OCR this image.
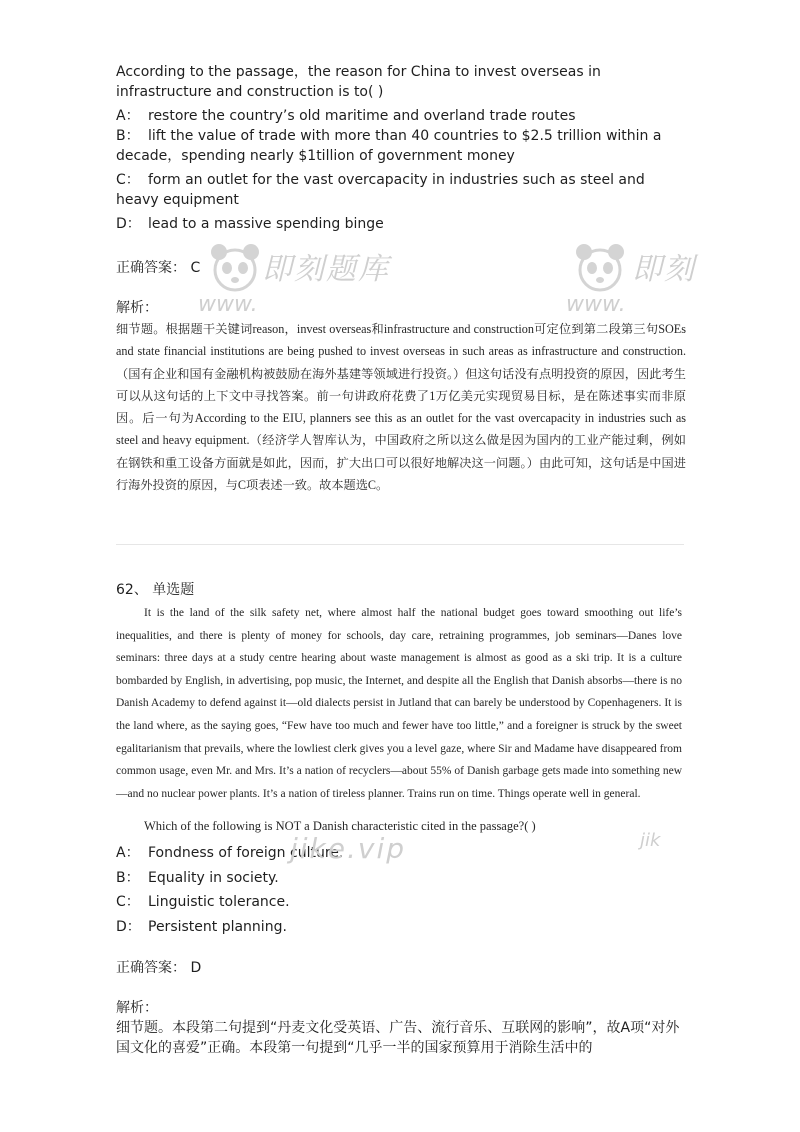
According to the passage，the reason for China to invest overseas in infrastructure and construction is to( )
A： restore the country’s old maritime and overland trade routes
B： lift the value of trade with more than 40 countries to $2.5 trillion within a decade，spending nearly $1tillion of government money
C： form an outlet for the vast overcapacity in industries such as steel and heavy equipment
D： lead to a massive spending binge
正确答案： C
解析：
细节题。根据题干关键词reason，invest overseas和infrastructure and construction可定位到第二段第三句SOEs and state financial institutions are being pushed to invest overseas in such areas as infrastructure and construction.（国有企业和国有金融机构被鼓励在海外基建等领域进行投资。）但这句话没有点明投资的原因，因此考生可以从这句话的上下文中寻找答案。前一句讲政府花费了1万亿美元实现贸易目标，是在陈述事实而非原因。后一句为According to the EIU, planners see this as an outlet for the vast overcapacity in industries such as steel and heavy equipment.（经济学人智库认为，中国政府之所以这么做是因为国内的工业产能过剩，例如在钢铁和重工设备方面就是如此，因而，扩大出口可以很好地解决这一问题。）由此可知，这句话是中国进行海外投资的原因，与C项表述一致。故本题选C。
62、 单选题

It is the land of the silk safety net, where almost half the national budget goes toward smoothing out life’s inequalities, and there is plenty of money for schools, day care, retraining programmes, job seminars—Danes love seminars: three days at a study centre hearing about waste management is almost as good as a ski trip. It is a culture bombarded by English, in advertising, pop music, the Internet, and despite all the English that Danish absorbs—there is no Danish Academy to defend against it—old dialects persist in Jutland that can barely be understood by Copenhageners. It is the land where, as the saying goes, “Few have too much and fewer have too little,” and a foreigner is struck by the sweet egalitarianism that prevails, where the lowliest clerk gives you a level gaze, where Sir and Madame have disappeared from common usage, even Mr. and Mrs. It’s a nation of recyclers—about 55% of Danish garbage gets made into something new—and no nuclear power plants. It’s a nation of tireless planner. Trains run on time. Things operate well in general.

Which of the following is NOT a Danish characteristic cited in the passage?( )
A： Fondness of foreign culture.
B： Equality in society.
C： Linguistic tolerance.
D： Persistent planning.
正确答案： D
解析：
细节题。本段第二句提到“丹麦文化受英语、广告、流行音乐、互联网的影响”，故A项“对外国文化的喜爱”正确。本段第一句提到“几乎一半的国家预算用于消除生活中的
即刻题库
www.
即刻
www.
jike.vip	jik
